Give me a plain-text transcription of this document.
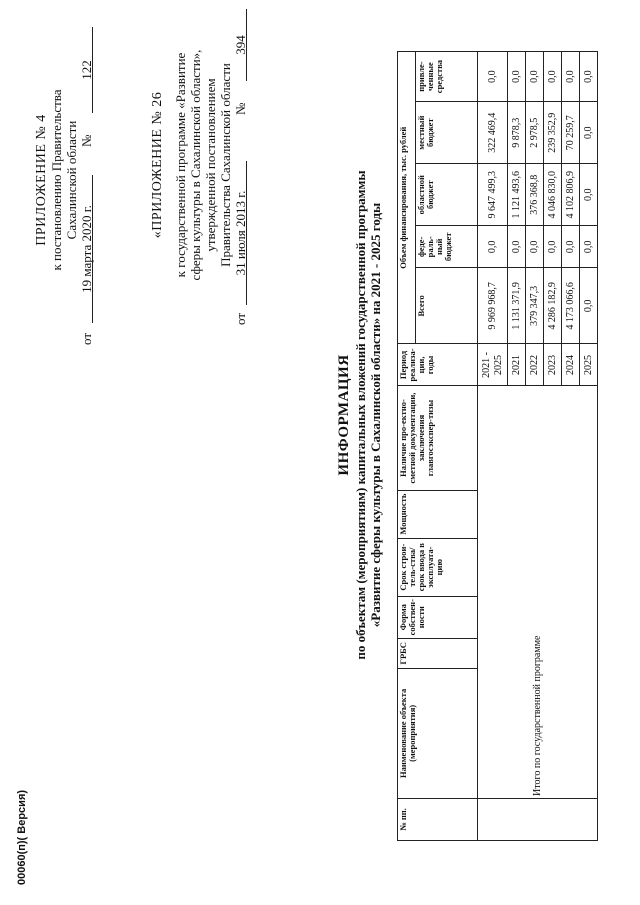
ПРИЛОЖЕНИЕ № 4 к постановлению Правительства Сахалинской области
от
19 марта 2020 г.
№
122
«ПРИЛОЖЕНИЕ № 26 к государственной программе «Развитие сферы культуры в Сахалинской области», утвержденной постановлением Правительства Сахалинской области
от
31 июля 2013 г.
№
394
ИНФОРМАЦИЯ по объектам (мероприятиям) капитальных вложений государственной программы «Развитие сферы культуры в Сахалинской области» на 2021 - 2025 годы
№ пп.	Наименование объекта (мероприятия)	ГРБС	Форма собствен-ности	Срок строи-тель-ства/срок ввода в эксплуата-цию	Мощность	Наличие про-ектно-сметной документации, заключения главгосэкспер-тизы	Период реализа-ции, годы	Объем финансирования, тыс. рублей				
								Всего	феде-раль-ный бюджет	областной бюджет	местный бюджет	привле-ченные средства
	Итого по государственной программе						2021 - 2025	9 969 968,7	0,0	9 647 499,3	322 469,4	0,0
							2021	1 131 371,9	0,0	1 121 493,6	9 878,3	0,0
							2022	379 347,3	0,0	376 368,8	2 978,5	0,0
							2023	4 286 182,9	0,0	4 046 830,0	239 352,9	0,0
							2024	4 173 066,6	0,0	4 102 806,9	70 259,7	0,0
							2025	0,0	0,0	0,0	0,0	0,0
00060(п)( Версия)
